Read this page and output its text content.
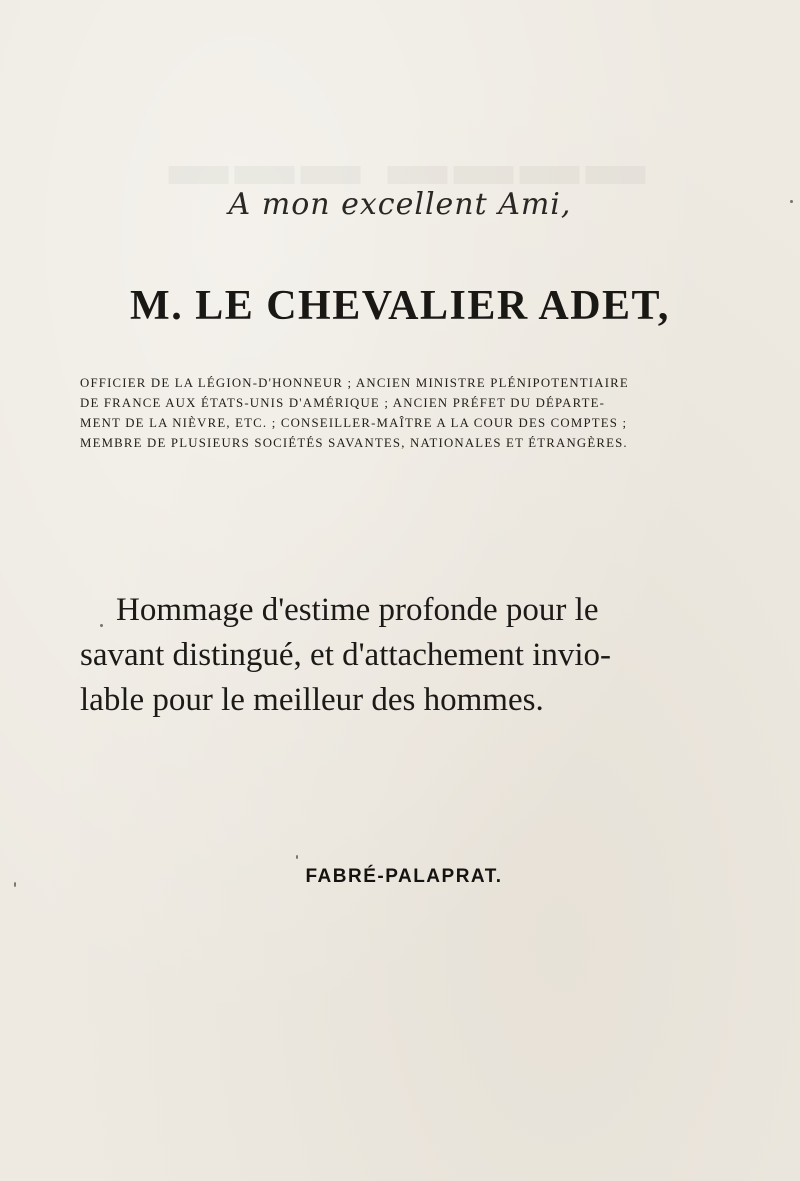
▬▬▬ ▬▬▬▬
A mon excellent Ami,
M. LE CHEVALIER ADET,
OFFICIER DE LA LÉGION-D'HONNEUR ; ANCIEN MINISTRE PLÉNIPOTENTIAIRE
DE FRANCE AUX ÉTATS-UNIS D'AMÉRIQUE ; ANCIEN PRÉFET DU DÉPARTE-
MENT DE LA NIÈVRE, ETC. ; CONSEILLER-MAÎTRE A LA COUR DES COMPTES ;
MEMBRE DE PLUSIEURS SOCIÉTÉS SAVANTES, NATIONALES ET ÉTRANGÈRES.
Hommage d'estime profonde pour le
savant distingué, et d'attachement invio-
lable pour le meilleur des hommes.
FABRÉ-PALAPRAT.
